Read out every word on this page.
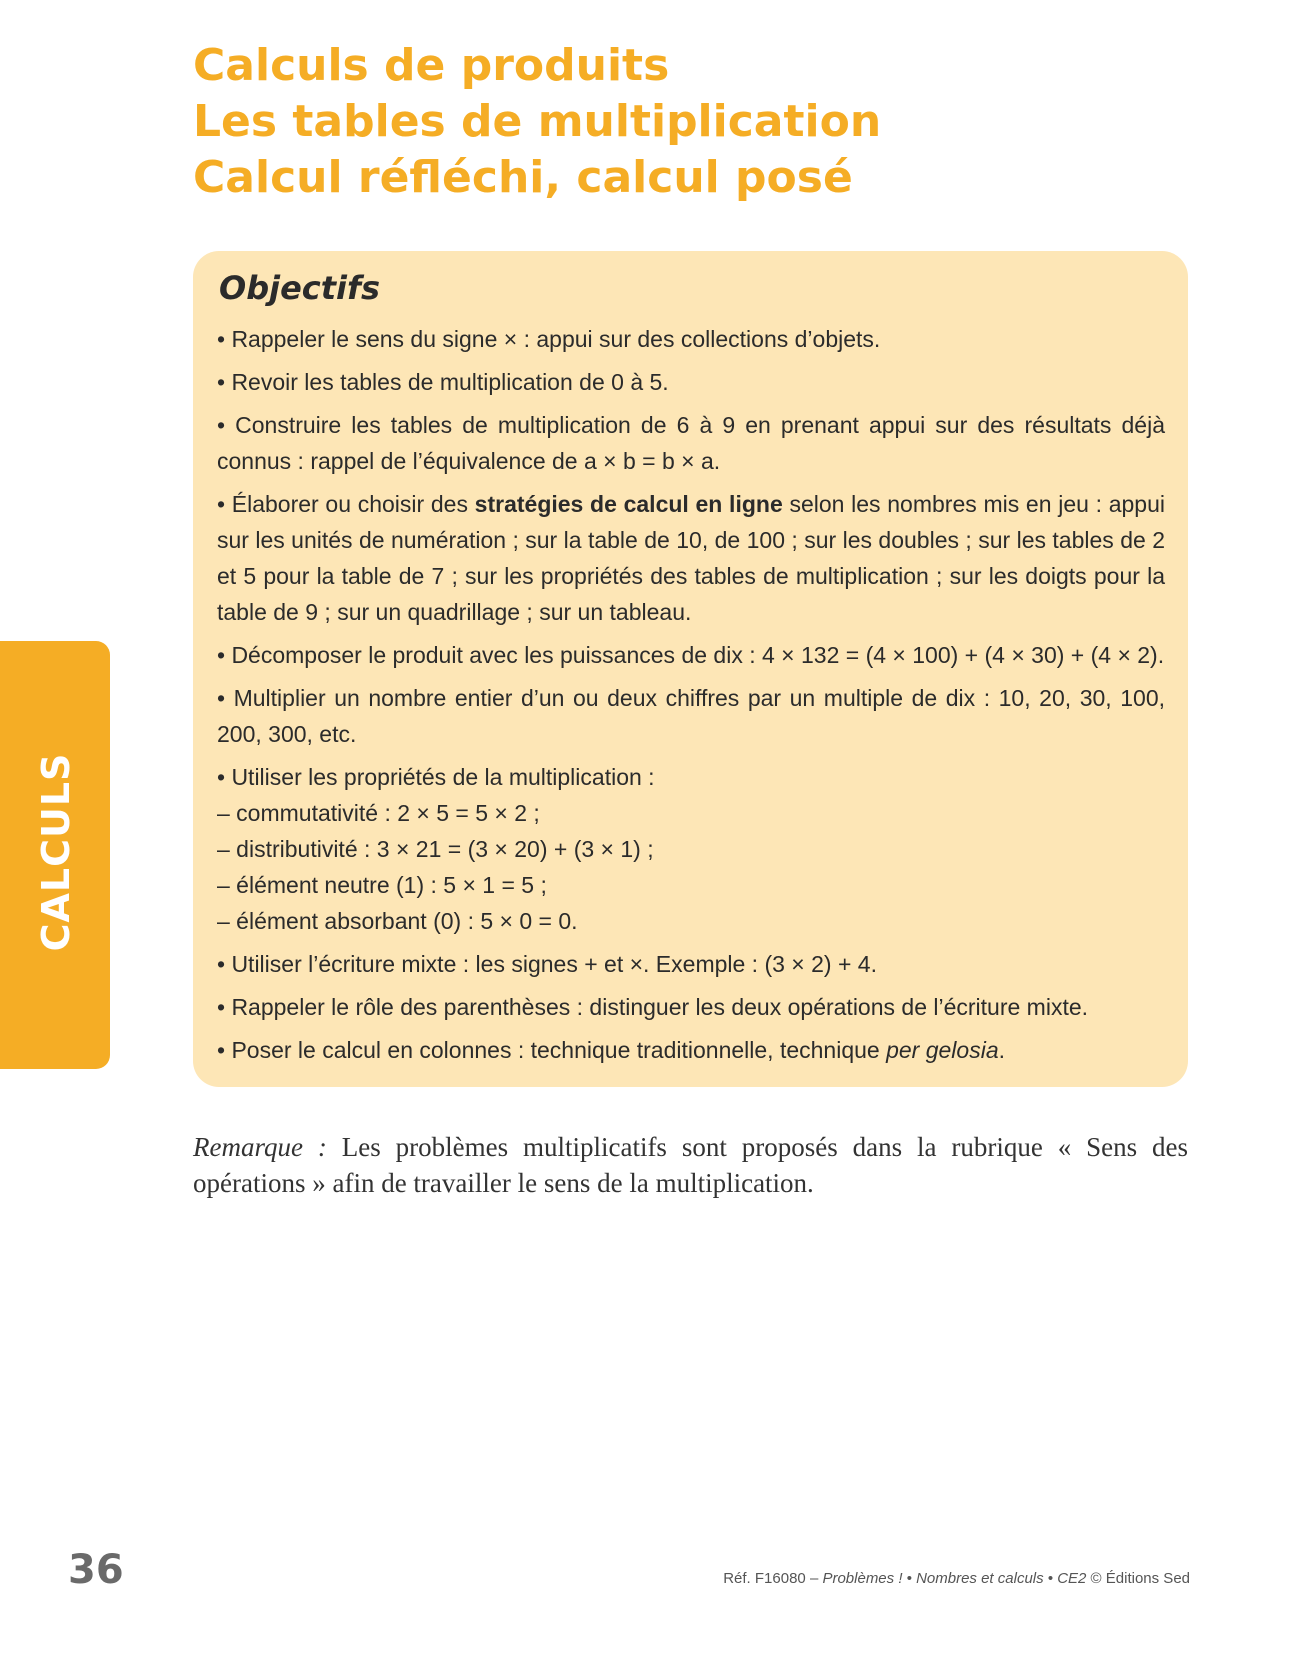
Calculs de produits
Les tables de multiplication
Calcul réfléchi, calcul posé
Objectifs
• Rappeler le sens du signe × : appui sur des collections d’objets.
• Revoir les tables de multiplication de 0 à 5.
• Construire les tables de multiplication de 6 à 9 en prenant appui sur des résultats déjà connus : rappel de l’équivalence de a × b = b × a.
• Élaborer ou choisir des stratégies de calcul en ligne selon les nombres mis en jeu : appui sur les unités de numération ; sur la table de 10, de 100 ; sur les doubles ; sur les tables de 2 et 5 pour la table de 7 ; sur les propriétés des tables de multiplication ; sur les doigts pour la table de 9 ; sur un quadrillage ; sur un tableau.
• Décomposer le produit avec les puissances de dix : 4 × 132 = (4 × 100) + (4 × 30) + (4 × 2).
• Multiplier un nombre entier d’un ou deux chiffres par un multiple de dix : 10, 20, 30, 100, 200, 300, etc.
• Utiliser les propriétés de la multiplication :
– commutativité : 2 × 5 = 5 × 2 ;
– distributivité : 3 × 21 = (3 × 20) + (3 × 1) ;
– élément neutre (1) : 5 × 1 = 5 ;
– élément absorbant (0) : 5 × 0 = 0.
• Utiliser l’écriture mixte : les signes + et ×. Exemple : (3 × 2) + 4.
• Rappeler le rôle des parenthèses : distinguer les deux opérations de l’écriture mixte.
• Poser le calcul en colonnes : technique traditionnelle, technique per gelosia.
CALCULS
Remarque : Les problèmes multiplicatifs sont proposés dans la rubrique « Sens des opérations » afin de travailler le sens de la multiplication.
36	Réf. F16080 – Problèmes ! • Nombres et calculs • CE2 © Éditions Sed
